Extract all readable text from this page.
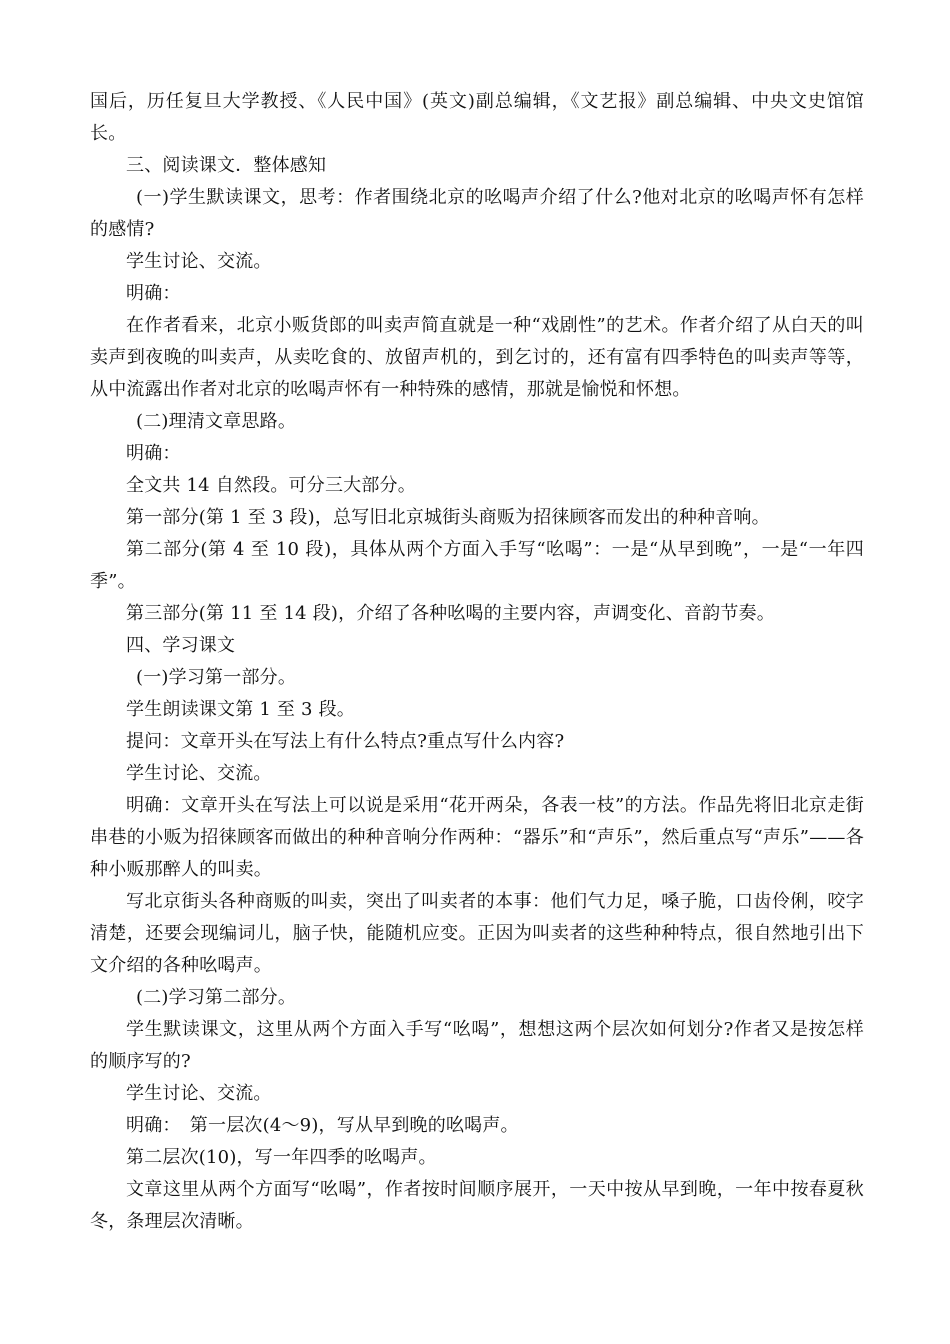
国后，历任复旦大学教授、《人民中国》(英文)副总编辑，《文艺报》副总编辑、中央文史馆馆长。

三、阅读课文．整体感知

(一)学生默读课文，思考：作者围绕北京的吆喝声介绍了什么?他对北京的吆喝声怀有怎样的感情?

学生讨论、交流。

明确：

在作者看来，北京小贩货郎的叫卖声简直就是一种“戏剧性”的艺术。作者介绍了从白天的叫卖声到夜晚的叫卖声，从卖吃食的、放留声机的，到乞讨的，还有富有四季特色的叫卖声等等，从中流露出作者对北京的吆喝声怀有一种特殊的感情，那就是愉悦和怀想。

(二)理清文章思路。

明确：

全文共 14 自然段。可分三大部分。

第一部分(第 1 至 3 段)，总写旧北京城街头商贩为招徕顾客而发出的种种音响。

第二部分(第 4 至 10 段)，具体从两个方面入手写“吆喝”：一是“从早到晚”，一是“一年四季”。

第三部分(第 11 至 14 段)，介绍了各种吆喝的主要内容，声调变化、音韵节奏。

四、学习课文

(一)学习第一部分。

学生朗读课文第 1 至 3 段。

提问：文章开头在写法上有什么特点?重点写什么内容?

学生讨论、交流。

明确：文章开头在写法上可以说是采用“花开两朵，各表一枝”的方法。作品先将旧北京走街串巷的小贩为招徕顾客而做出的种种音响分作两种：“器乐”和“声乐”，然后重点写“声乐”——各种小贩那醉人的叫卖。

写北京街头各种商贩的叫卖，突出了叫卖者的本事：他们气力足，嗓子脆，口齿伶俐，咬字清楚，还要会现编词儿，脑子快，能随机应变。正因为叫卖者的这些种种特点，很自然地引出下文介绍的各种吆喝声。

(二)学习第二部分。

学生默读课文，这里从两个方面入手写“吆喝”，想想这两个层次如何划分?作者又是按怎样的顺序写的?

学生讨论、交流。

明确：　第一层次(4～9)，写从早到晚的吆喝声。

第二层次(10)，写一年四季的吆喝声。

文章这里从两个方面写“吆喝”，作者按时间顺序展开，一天中按从早到晚，一年中按春夏秋冬，条理层次清晰。
